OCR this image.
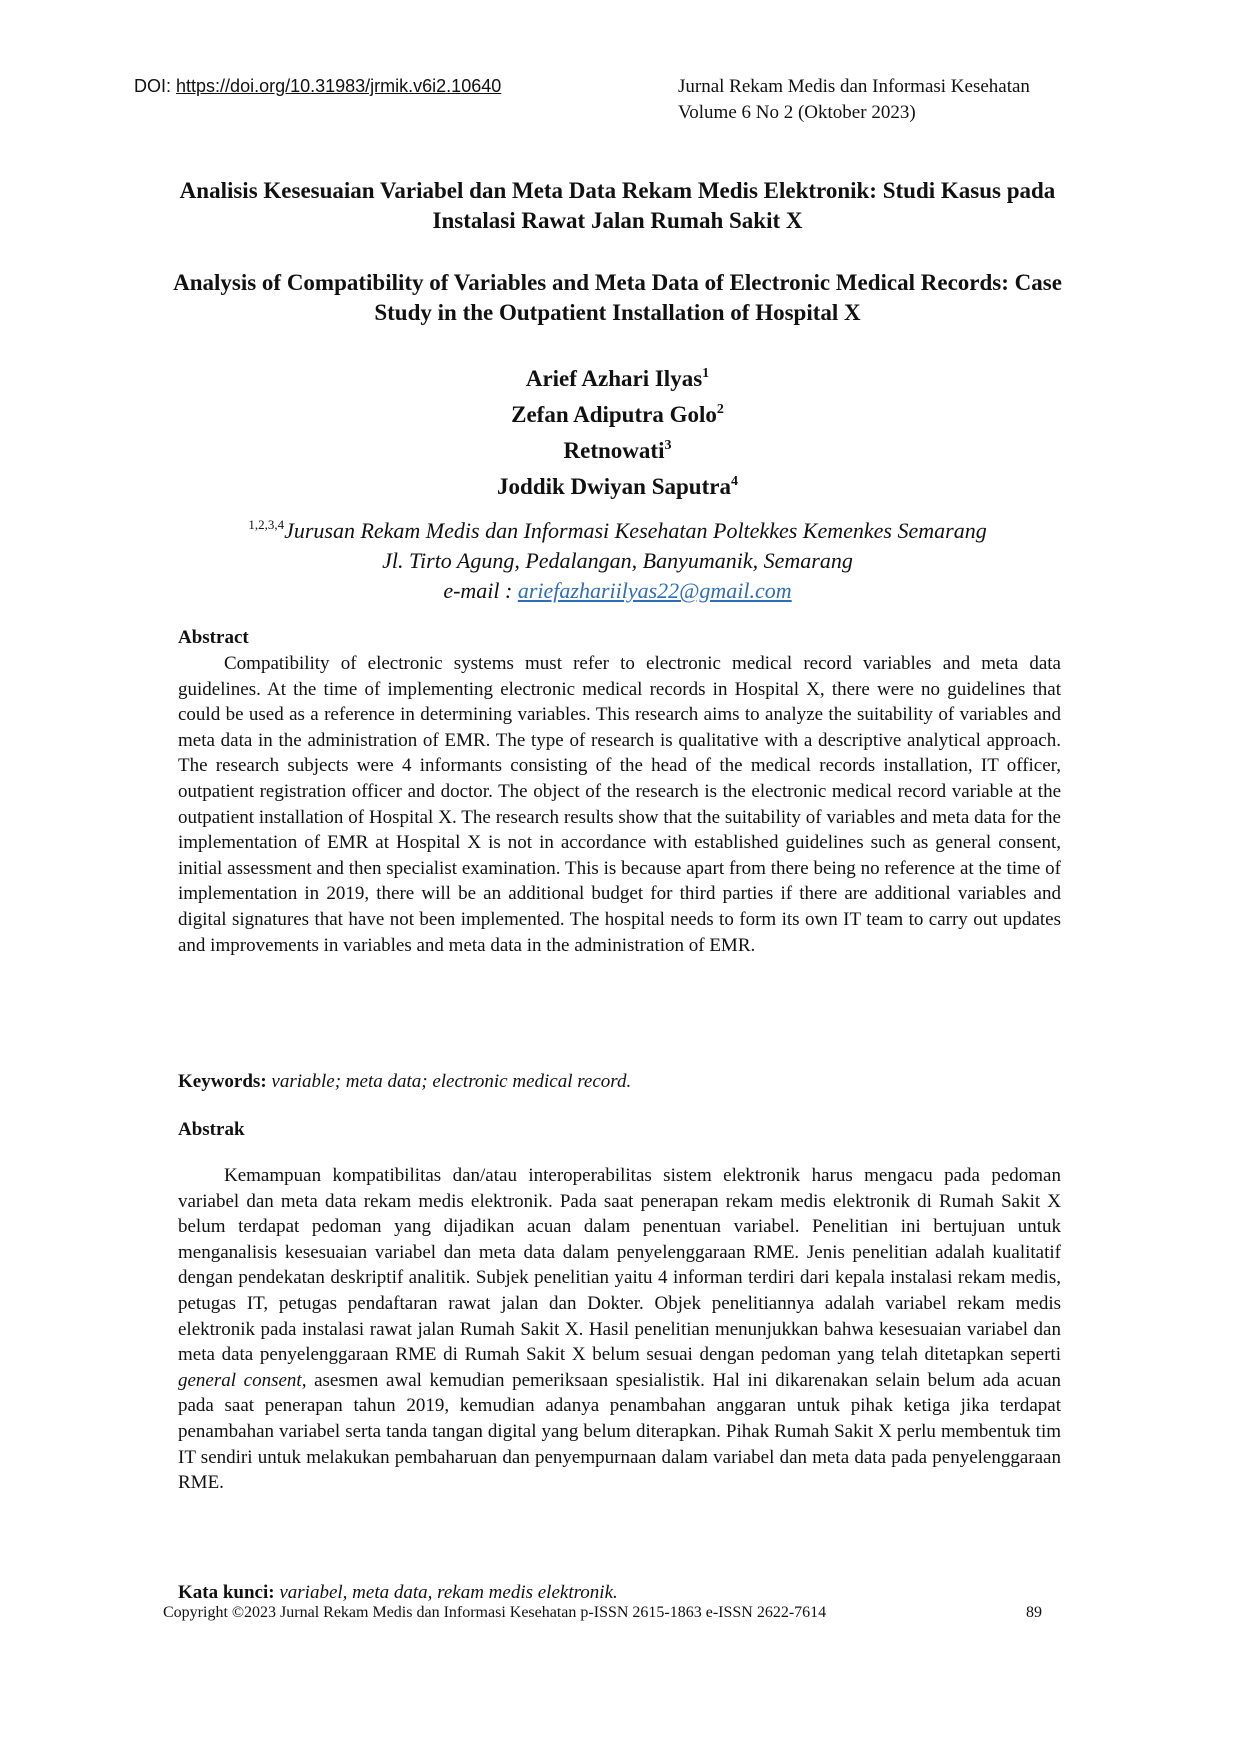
DOI: https://doi.org/10.31983/jrmik.v6i2.10640	Jurnal Rekam Medis dan Informasi Kesehatan
Volume 6 No 2 (Oktober 2023)
Analisis Kesesuaian Variabel dan Meta Data Rekam Medis Elektronik: Studi Kasus pada Instalasi Rawat Jalan Rumah Sakit X
Analysis of Compatibility of Variables and Meta Data of Electronic Medical Records: Case Study in the Outpatient Installation of Hospital X
Arief Azhari Ilyas$^1$
Zefan Adiputra Golo$^2$
Retnowati$^3$
Joddik Dwiyan Saputra$^4$
$^{1,2,3,4}$Jurusan Rekam Medis dan Informasi Kesehatan Poltekkes Kemenkes Semarang
Jl. Tirto Agung, Pedalangan, Banyumanik, Semarang
e-mail : ariefazhariilyas22@gmail.com
Abstract
Compatibility of electronic systems must refer to electronic medical record variables and meta data guidelines. At the time of implementing electronic medical records in Hospital X, there were no guidelines that could be used as a reference in determining variables. This research aims to analyze the suitability of variables and meta data in the administration of EMR. The type of research is qualitative with a descriptive analytical approach. The research subjects were 4 informants consisting of the head of the medical records installation, IT officer, outpatient registration officer and doctor. The object of the research is the electronic medical record variable at the outpatient installation of Hospital X. The research results show that the suitability of variables and meta data for the implementation of EMR at Hospital X is not in accordance with established guidelines such as general consent, initial assessment and then specialist examination. This is because apart from there being no reference at the time of implementation in 2019, there will be an additional budget for third parties if there are additional variables and digital signatures that have not been implemented. The hospital needs to form its own IT team to carry out updates and improvements in variables and meta data in the administration of EMR.
Keywords: variable; meta data; electronic medical record.
Abstrak
Kemampuan kompatibilitas dan/atau interoperabilitas sistem elektronik harus mengacu pada pedoman variabel dan meta data rekam medis elektronik. Pada saat penerapan rekam medis elektronik di Rumah Sakit X belum terdapat pedoman yang dijadikan acuan dalam penentuan variabel. Penelitian ini bertujuan untuk menganalisis kesesuaian variabel dan meta data dalam penyelenggaraan RME. Jenis penelitian adalah kualitatif dengan pendekatan deskriptif analitik. Subjek penelitian yaitu 4 informan terdiri dari kepala instalasi rekam medis, petugas IT, petugas pendaftaran rawat jalan dan Dokter. Objek penelitiannya adalah variabel rekam medis elektronik pada instalasi rawat jalan Rumah Sakit X. Hasil penelitian menunjukkan bahwa kesesuaian variabel dan meta data penyelenggaraan RME di Rumah Sakit X belum sesuai dengan pedoman yang telah ditetapkan seperti general consent, asesmen awal kemudian pemeriksaan spesialistik. Hal ini dikarenakan selain belum ada acuan pada saat penerapan tahun 2019, kemudian adanya penambahan anggaran untuk pihak ketiga jika terdapat penambahan variabel serta tanda tangan digital yang belum diterapkan. Pihak Rumah Sakit X perlu membentuk tim IT sendiri untuk melakukan pembaharuan dan penyempurnaan dalam variabel dan meta data pada penyelenggaraan RME.
Kata kunci: variabel, meta data, rekam medis elektronik.
Copyright ©2023 Jurnal Rekam Medis dan Informasi Kesehatan p-ISSN 2615-1863 e-ISSN 2622-7614	89
